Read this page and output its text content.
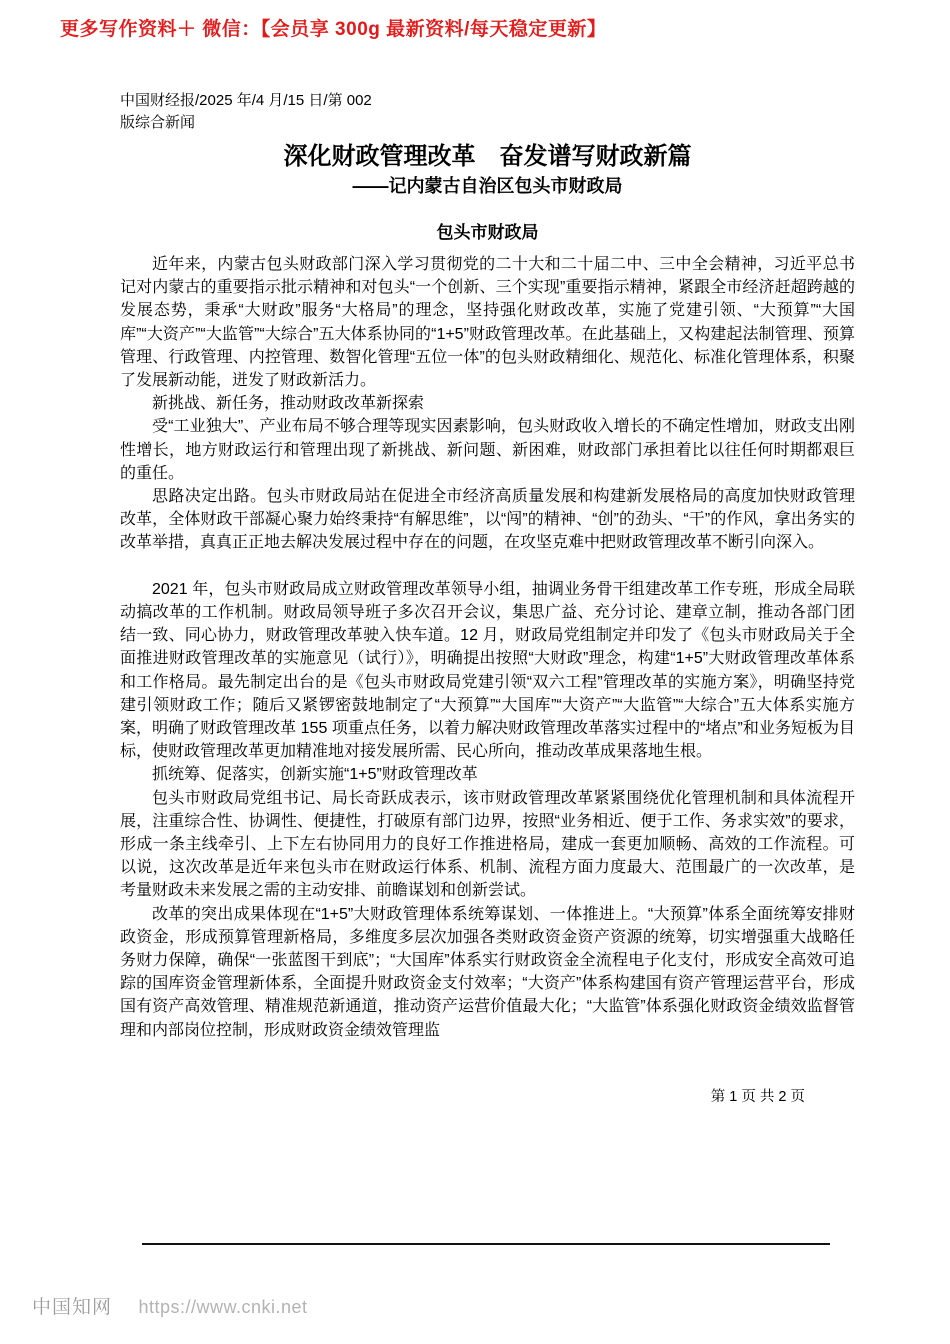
更多写作资料＋ 微信：【会员享 300g 最新资料/每天稳定更新】
中国财经报/2025 年/4 月/15 日/第 002
版综合新闻
深化财政管理改革　奋发谱写财政新篇
——记内蒙古自治区包头市财政局
包头市财政局

近年来，内蒙古包头财政部门深入学习贯彻党的二十大和二十届二中、三中全会精神，习近平总书记对内蒙古的重要指示批示精神和对包头“一个创新、三个实现”重要指示精神，紧跟全市经济赶超跨越的发展态势，秉承“大财政”服务“大格局”的理念，坚持强化财政改革，实施了党建引领、“大预算”“大国库”“大资产”“大监管”“大综合”五大体系协同的“1+5”财政管理改革。在此基础上，又构建起法制管理、预算管理、行政管理、内控管理、数智化管理“五位一体”的包头财政精细化、规范化、标准化管理体系，积聚了发展新动能，迸发了财政新活力。

新挑战、新任务，推动财政改革新探索

受“工业独大”、产业布局不够合理等现实因素影响，包头财政收入增长的不确定性增加，财政支出刚性增长，地方财政运行和管理出现了新挑战、新问题、新困难，财政部门承担着比以往任何时期都艰巨的重任。

思路决定出路。包头市财政局站在促进全市经济高质量发展和构建新发展格局的高度加快财政管理改革，全体财政干部凝心聚力始终秉持“有解思维”，以“闯”的精神、“创”的劲头、“干”的作风，拿出务实的改革举措，真真正正地去解决发展过程中存在的问题，在攻坚克难中把财政管理改革不断引向深入。

2021 年，包头市财政局成立财政管理改革领导小组，抽调业务骨干组建改革工作专班，形成全局联动搞改革的工作机制。财政局领导班子多次召开会议，集思广益、充分讨论、建章立制，推动各部门团结一致、同心协力，财政管理改革驶入快车道。12 月，财政局党组制定并印发了《包头市财政局关于全面推进财政管理改革的实施意见（试行）》，明确提出按照“大财政”理念，构建“1+5”大财政管理改革体系和工作格局。最先制定出台的是《包头市财政局党建引领“双六工程”管理改革的实施方案》，明确坚持党建引领财政工作；随后又紧锣密鼓地制定了“大预算”“大国库”“大资产”“大监管”“大综合”五大体系实施方案，明确了财政管理改革 155 项重点任务，以着力解决财政管理改革落实过程中的“堵点”和业务短板为目标，使财政管理改革更加精准地对接发展所需、民心所向，推动改革成果落地生根。

抓统筹、促落实，创新实施“1+5”财政管理改革

包头市财政局党组书记、局长奇跃成表示，该市财政管理改革紧紧围绕优化管理机制和具体流程开展，注重综合性、协调性、便捷性，打破原有部门边界，按照“业务相近、便于工作、务求实效”的要求，形成一条主线牵引、上下左右协同用力的良好工作推进格局，建成一套更加顺畅、高效的工作流程。可以说，这次改革是近年来包头市在财政运行体系、机制、流程方面力度最大、范围最广的一次改革，是考量财政未来发展之需的主动安排、前瞻谋划和创新尝试。

改革的突出成果体现在“1+5”大财政管理体系统筹谋划、一体推进上。“大预算”体系全面统筹安排财政资金，形成预算管理新格局，多维度多层次加强各类财政资金资产资源的统筹，切实增强重大战略任务财力保障，确保“一张蓝图干到底”；“大国库”体系实行财政资金全流程电子化支付，形成安全高效可追踪的国库资金管理新体系，全面提升财政资金支付效率；“大资产”体系构建国有资产管理运营平台，形成国有资产高效管理、精准规范新通道，推动资产运营价值最大化；“大监管”体系强化财政资金绩效监督管理和内部岗位控制，形成财政资金绩效管理监

第 1 页 共 2 页
中国知网 https://www.cnki.net
